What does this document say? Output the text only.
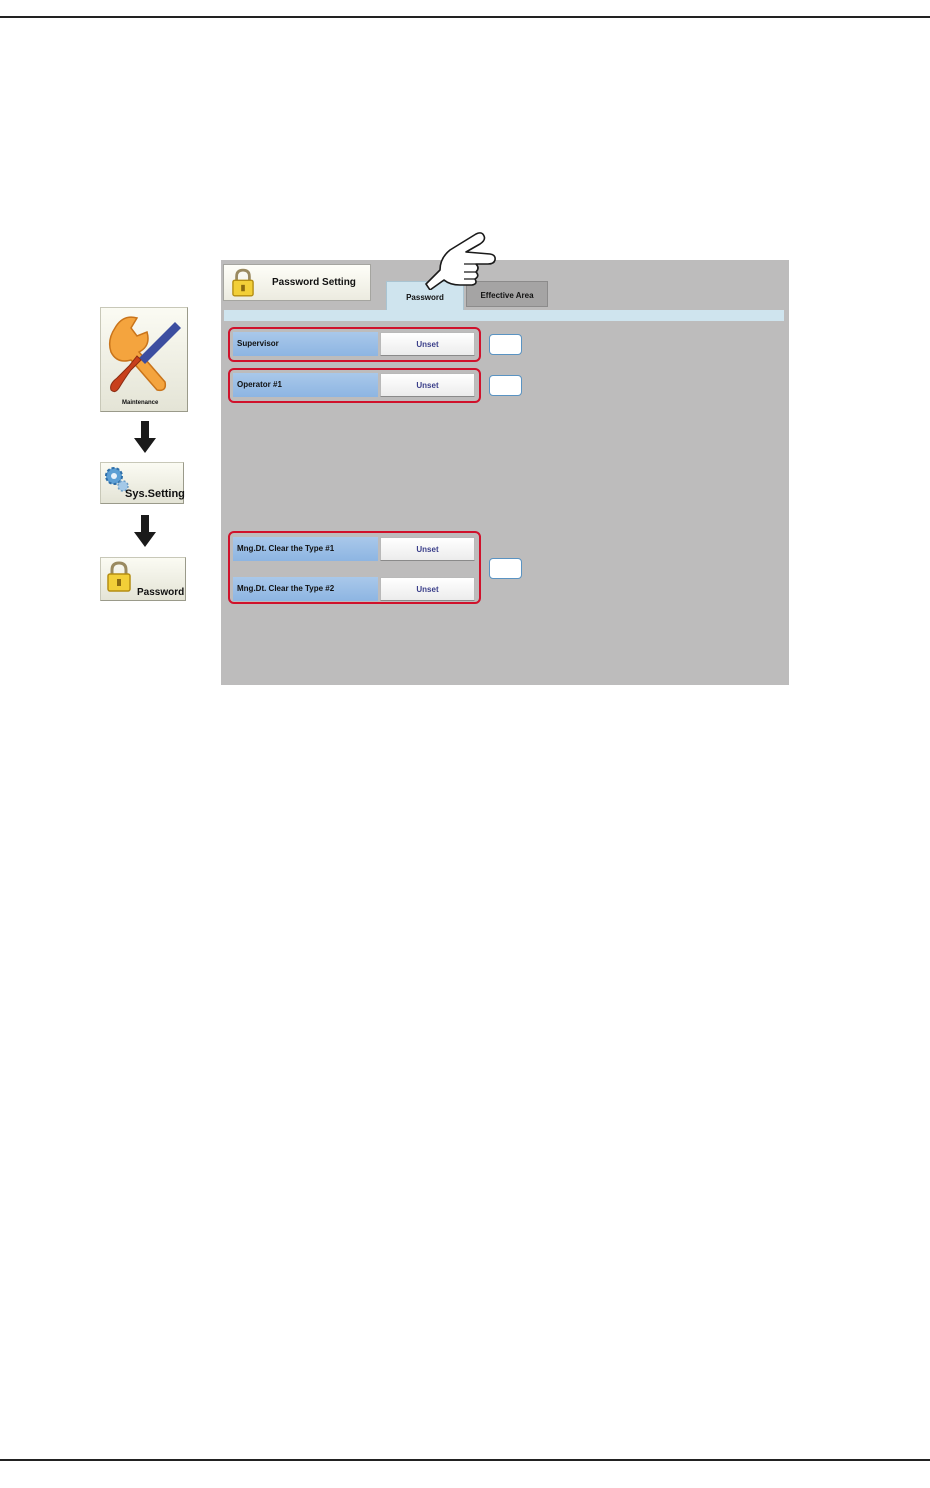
Maintenance
Sys.Setting
Password
Password Setting
Password	Effective Area
Supervisor	Unset
Operator #1	Unset
Mng.Dt. Clear the Type #1	Unset
Mng.Dt. Clear the Type #2	Unset
